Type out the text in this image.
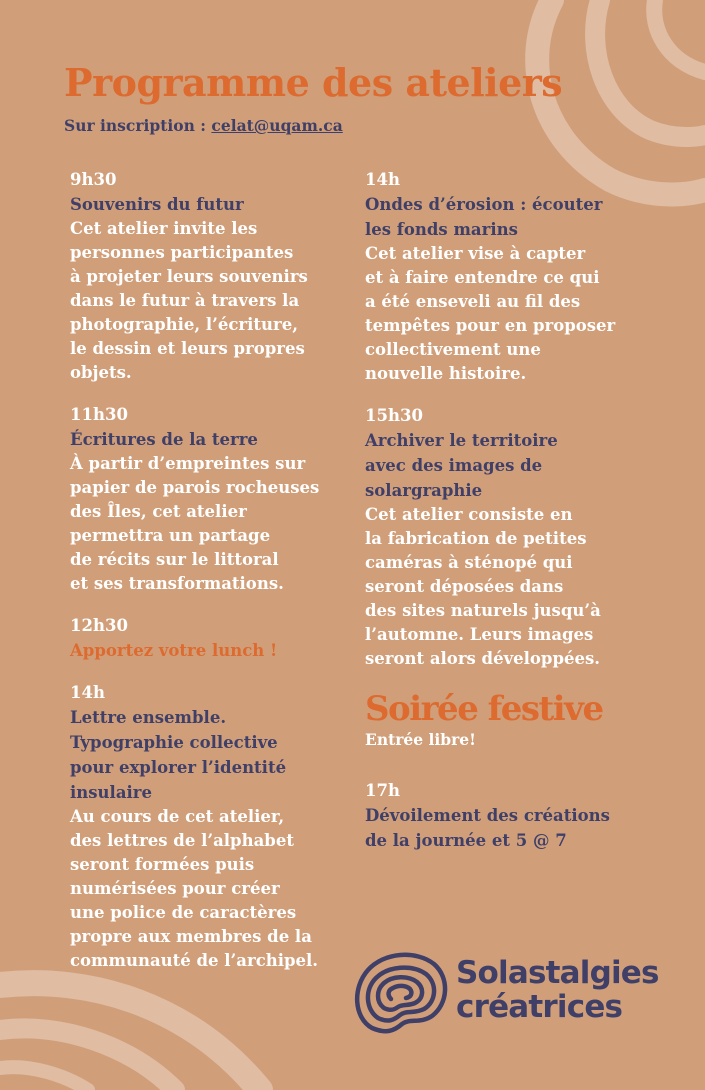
Programme des ateliers
Sur inscription : celat@uqam.ca
9h30
Souvenirs du futur
Cet atelier invite les
personnes participantes
à projeter leurs souvenirs
dans le futur à travers la
photographie, l’écriture,
le dessin et leurs propres
objets.
11h30
Écritures de la terre
À partir d’empreintes sur
papier de parois rocheuses
des Îles, cet atelier
permettra un partage
de récits sur le littoral
et ses transformations.
12h30
Apportez votre lunch !
14h
Lettre ensemble.
Typographie collective
pour explorer l’identité
insulaire
Au cours de cet atelier,
des lettres de l’alphabet
seront formées puis
numérisées pour créer
une police de caractères
propre aux membres de la
communauté de l’archipel.
14h
Ondes d’érosion : écouter
les fonds marins
Cet atelier vise à capter
et à faire entendre ce qui
a été enseveli au fil des
tempêtes pour en proposer
collectivement une
nouvelle histoire.
15h30
Archiver le territoire
avec des images de
solargraphie
Cet atelier consiste en
la fabrication de petites
caméras à sténopé qui
seront déposées dans
des sites naturels jusqu’à
l’automne. Leurs images
seront alors développées.
Soirée festive
Entrée libre!
17h
Dévoilement des créations
de la journée et 5 @ 7
Solastalgies
créatrices
